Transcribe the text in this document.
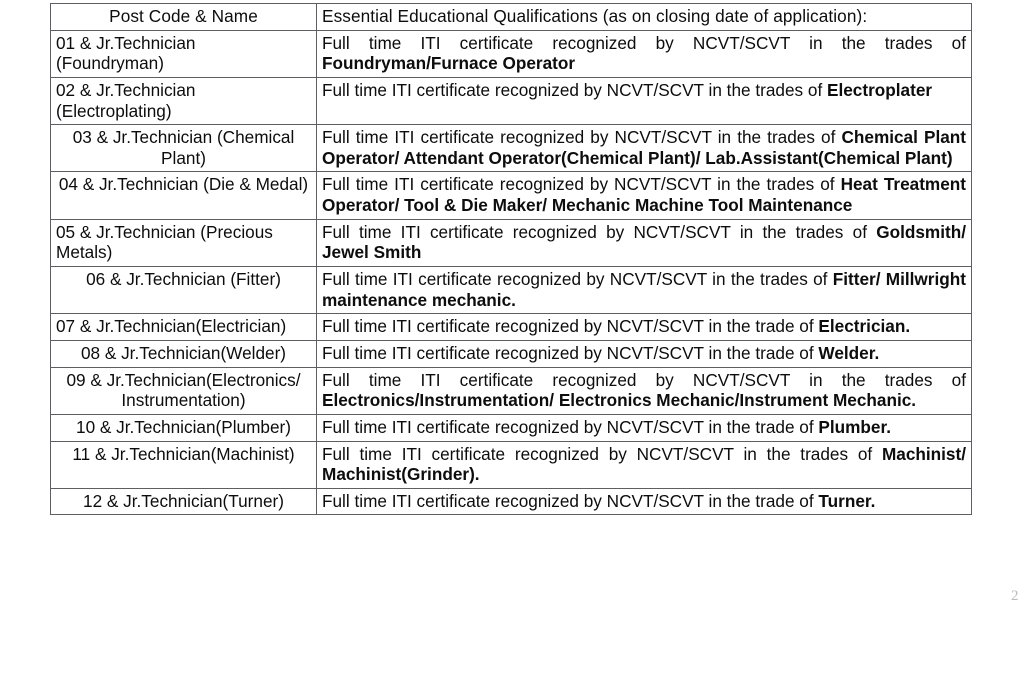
Post Code & Name	Essential Educational Qualifications (as on closing date of application):

01 & Jr.Technician
(Foundryman)	Full time ITI certificate recognized by NCVT/SCVT in the trades of Foundryman/Furnace Operator

02 & Jr.Technician
(Electroplating)	Full time ITI certificate recognized by NCVT/SCVT in the trades of Electroplater

03 & Jr.Technician (Chemical Plant)	Full time ITI certificate recognized by NCVT/SCVT in the trades of Chemical Plant Operator/ Attendant Operator(Chemical Plant)/ Lab.Assistant(Chemical Plant)

04 & Jr.Technician (Die & Medal)	Full time ITI certificate recognized by NCVT/SCVT in the trades of Heat Treatment Operator/ Tool & Die Maker/ Mechanic Machine Tool Maintenance

05 & Jr.Technician (Precious Metals)	Full time ITI certificate recognized by NCVT/SCVT in the trades of Goldsmith/ Jewel Smith

06 & Jr.Technician (Fitter)	Full time ITI certificate recognized by NCVT/SCVT in the trades of Fitter/ Millwright maintenance mechanic.

07 & Jr.Technician(Electrician)	Full time ITI certificate recognized by NCVT/SCVT in the trade of Electrician.

08 & Jr.Technician(Welder)	Full time ITI certificate recognized by NCVT/SCVT in the trade of Welder.

09 & Jr.Technician(Electronics/ Instrumentation)	Full time ITI certificate recognized by NCVT/SCVT in the trades of Electronics/Instrumentation/ Electronics Mechanic/Instrument Mechanic.

10 & Jr.Technician(Plumber)	Full time ITI certificate recognized by NCVT/SCVT in the trade of Plumber.

11 & Jr.Technician(Machinist)	Full time ITI certificate recognized by NCVT/SCVT in the trades of Machinist/ Machinist(Grinder).

12 & Jr.Technician(Turner)	Full time ITI certificate recognized by NCVT/SCVT in the trade of Turner.

2
